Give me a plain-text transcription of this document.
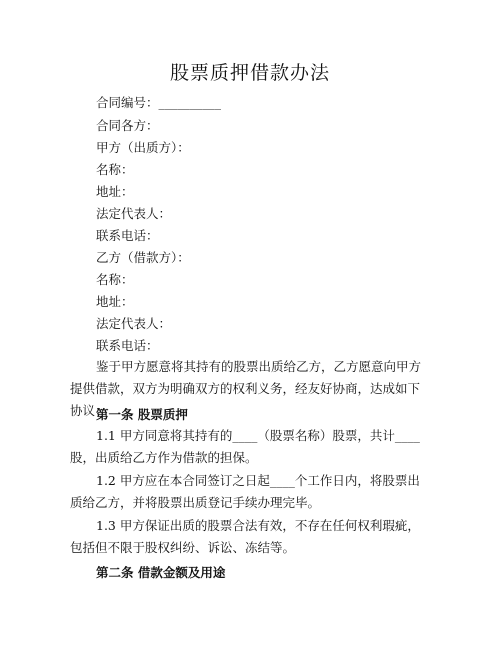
股票质押借款办法
合同编号：__________
合同各方：
甲方（出质方）：
名称：
地址：
法定代表人：
联系电话：
乙方（借款方）：
名称：
地址：
法定代表人：
联系电话：
鉴于甲方愿意将其持有的股票出质给乙方，乙方愿意向甲方提供借款，双方为明确双方的权利义务，经友好协商，达成如下协议：
第一条 股票质押
1.1 甲方同意将其持有的____（股票名称）股票，共计____股，出质给乙方作为借款的担保。
1.2 甲方应在本合同签订之日起____个工作日内，将股票出质给乙方，并将股票出质登记手续办理完毕。
1.3 甲方保证出质的股票合法有效，不存在任何权利瑕疵，包括但不限于股权纠纷、诉讼、冻结等。
第二条 借款金额及用途
